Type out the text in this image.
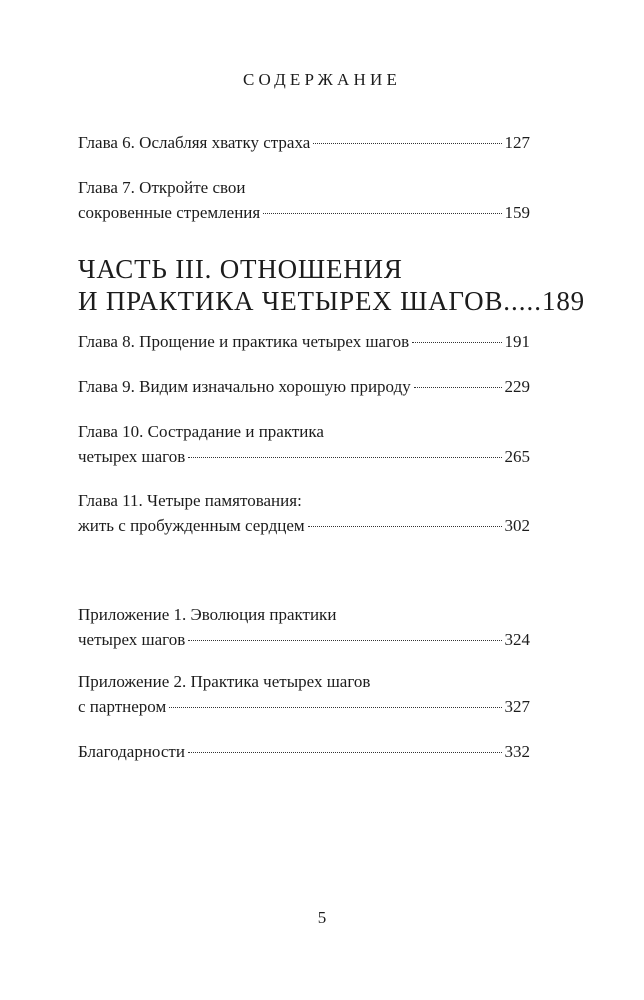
СОДЕРЖАНИЕ
Глава 6. Ослабляя хватку страха	127
Глава 7. Откройте свои
сокровенные стремления	159
ЧАСТЬ III. ОТНОШЕНИЯ
И ПРАКТИКА ЧЕТЫРЕХ ШАГОВ ..... 189
Глава 8. Прощение и практика четырех шагов	191
Глава 9. Видим изначально хорошую природу	229
Глава 10. Сострадание и практика
четырех шагов	265
Глава 11. Четыре памятования:
жить с пробужденным сердцем	302
Приложение 1. Эволюция практики
четырех шагов	324
Приложение 2. Практика четырех шагов
с партнером	327
Благодарности	332
5
